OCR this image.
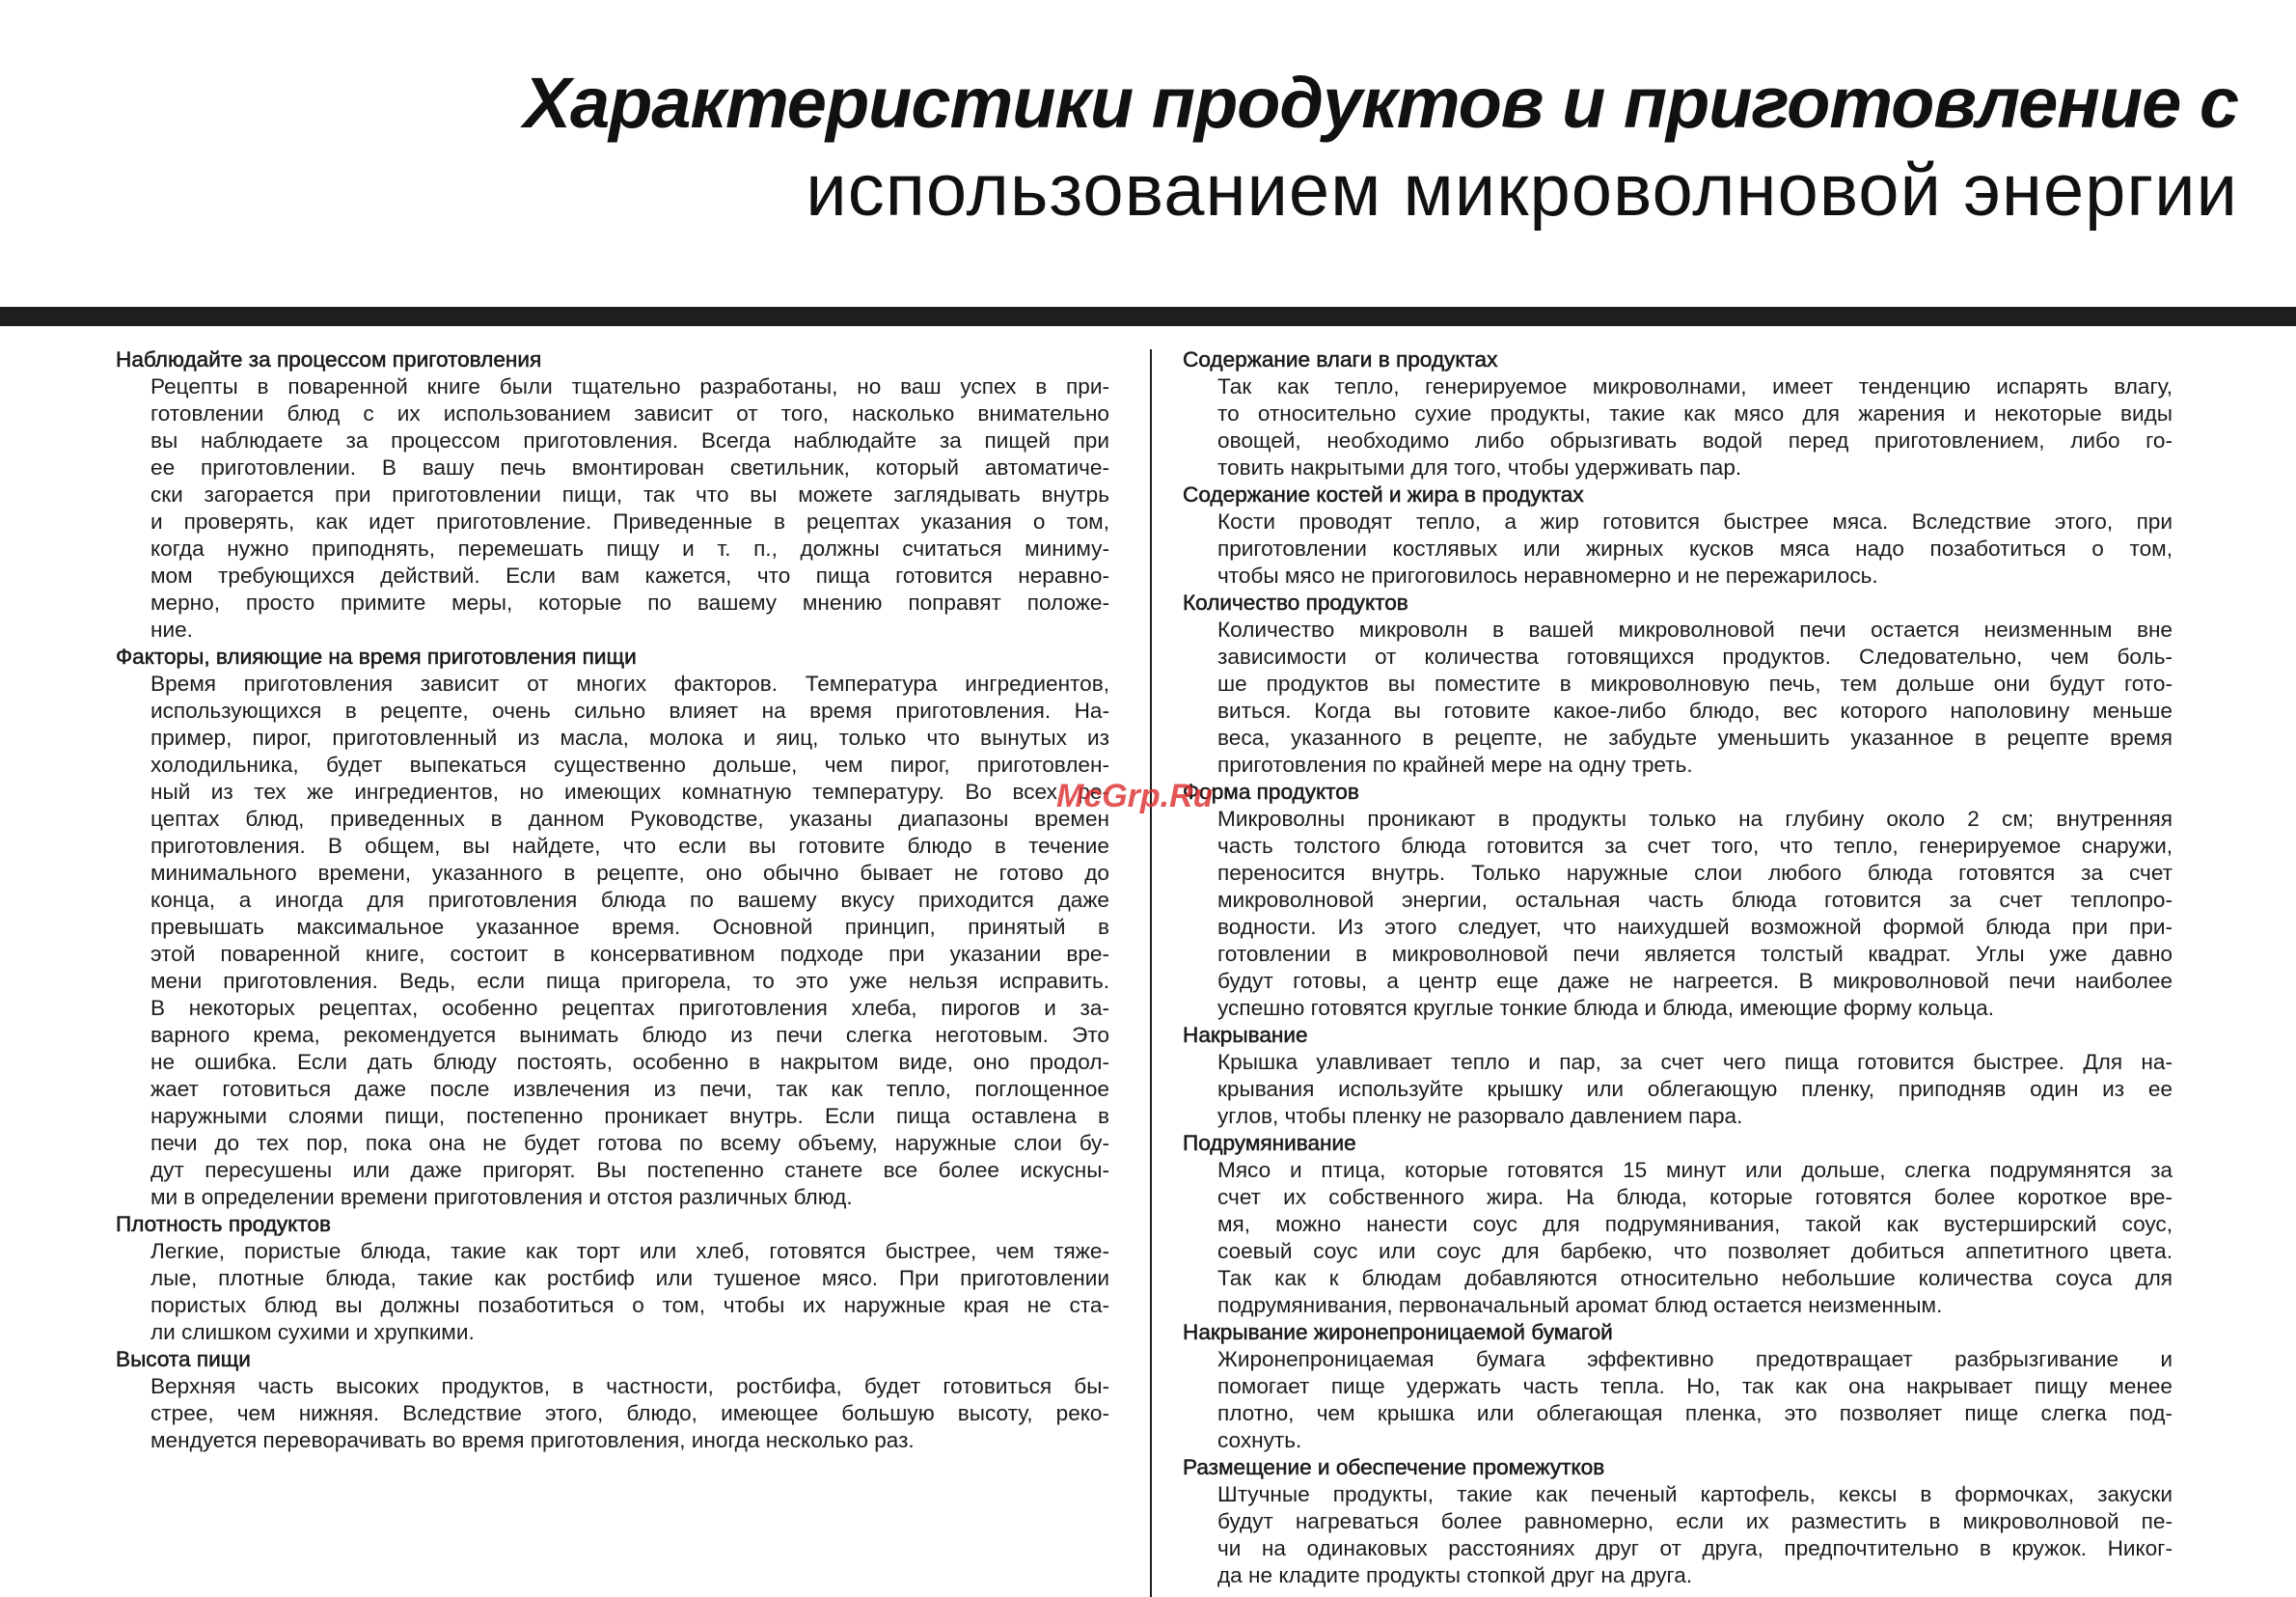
Характеристики продуктов и приготовление с
использованием микроволновой энергии
Наблюдайте за процессом приготовления
Рецепты в поваренной книге были тщательно разработаны, но ваш успех в при-
готовлении блюд с их использованием зависит от того, насколько внимательно
вы наблюдаете за процессом приготовления. Всегда наблюдайте за пищей при
ее приготовлении. В вашу печь вмонтирован светильник, который автоматиче-
ски загорается при приготовлении пищи, так что вы можете заглядывать внутрь
и проверять, как идет приготовление. Приведенные в рецептах указания о том,
когда нужно приподнять, перемешать пищу и т. п., должны считаться миниму-
мом требующихся действий. Если вам кажется, что пища готовится неравно-
мерно, просто примите меры, которые по вашему мнению поправят положе-
ние.
Факторы, влияющие на время приготовления пищи
Время приготовления зависит от многих факторов. Температура ингредиентов,
использующихся в рецепте, очень сильно влияет на время приготовления. На-
пример, пирог, приготовленный из масла, молока и яиц, только что вынутых из
холодильника, будет выпекаться существенно дольше, чем пирог, приготовлен-
ный из тех же ингредиентов, но имеющих комнатную температуру. Во всех ре-
цептах блюд, приведенных в данном Руководстве, указаны диапазоны времен
приготовления. В общем, вы найдете, что если вы готовите блюдо в течение
минимального времени, указанного в рецепте, оно обычно бывает не готово до
конца, а иногда для приготовления блюда по вашему вкусу приходится даже
превышать максимальное указанное время. Основной принцип, принятый в
этой поваренной книге, состоит в консервативном подходе при указании вре-
мени приготовления. Ведь, если пища пригорела, то это уже нельзя исправить.
В некоторых рецептах, особенно рецептах приготовления хлеба, пирогов и за-
варного крема, рекомендуется вынимать блюдо из печи слегка неготовым. Это
не ошибка. Если дать блюду постоять, особенно в накрытом виде, оно продол-
жает готовиться даже после извлечения из печи, так как тепло, поглощенное
наружными слоями пищи, постепенно проникает внутрь. Если пища оставлена в
печи до тех пор, пока она не будет готова по всему объему, наружные слои бу-
дут пересушены или даже пригорят. Вы постепенно станете все более искусны-
ми в определении времени приготовления и отстоя различных блюд.
Плотность продуктов
Легкие, пористые блюда, такие как торт или хлеб, готовятся быстрее, чем тяже-
лые, плотные блюда, такие как ростбиф или тушеное мясо. При приготовлении
пористых блюд вы должны позаботиться о том, чтобы их наружные края не ста-
ли слишком сухими и хрупкими.
Высота пищи
Верхняя часть высоких продуктов, в частности, ростбифа, будет готовиться бы-
стрее, чем нижняя. Вследствие этого, блюдо, имеющее большую высоту, реко-
мендуется переворачивать во время приготовления, иногда несколько раз.
Содержание влаги в продуктах
Так как тепло, генерируемое микроволнами, имеет тенденцию испарять влагу,
то относительно сухие продукты, такие как мясо для жарения и некоторые виды
овощей, необходимо либо обрызгивать водой перед приготовлением, либо го-
товить накрытыми для того, чтобы удерживать пар.
Содержание костей и жира в продуктах
Кости проводят тепло, а жир готовится быстрее мяса. Вследствие этого, при
приготовлении костлявых или жирных кусков мяса надо позаботиться о том,
чтобы мясо не пригоговилось неравномерно и не пережарилось.
Количество продуктов
Количество микроволн в вашей микроволновой печи остается неизменным вне
зависимости от количества готовящихся продуктов. Следовательно, чем боль-
ше продуктов вы поместите в микроволновую печь, тем дольше они будут гото-
виться. Когда вы готовите какое-либо блюдо, вес которого наполовину меньше
веса, указанного в рецепте, не забудьте уменьшить указанное в рецепте время
приготовления по крайней мере на одну треть.
Форма продуктов
Микроволны проникают в продукты только на глубину около 2 см; внутренняя
часть толстого блюда готовится за счет того, что тепло, генерируемое снаружи,
переносится внутрь. Только наружные слои любого блюда готовятся за счет
микроволновой энергии, остальная часть блюда готовится за счет теплопро-
водности. Из этого следует, что наихудшей возможной формой блюда при при-
готовлении в микроволновой печи является толстый квадрат. Углы уже давно
будут готовы, а центр еще даже не нагреется. В микроволновой печи наиболее
успешно готовятся круглые тонкие блюда и блюда, имеющие форму кольца.
Накрывание
Крышка улавливает тепло и пар, за счет чего пища готовится быстрее. Для на-
крывания используйте крышку или облегающую пленку, приподняв один из ее
углов, чтобы пленку не разорвало давлением пара.
Подрумянивание
Мясо и птица, которые готовятся 15 минут или дольше, слегка подрумянятся за
счет их собственного жира. На блюда, которые готовятся более короткое вре-
мя, можно нанести соус для подрумянивания, такой как вустерширский соус,
соевый соус или соус для барбекю, что позволяет добиться аппетитного цвета.
Так как к блюдам добавляются относительно небольшие количества соуса для
подрумянивания, первоначальный аромат блюд остается неизменным.
Накрывание жиронепроницаемой бумагой
Жиронепроницаемая бумага эффективно предотвращает разбрызгивание и
помогает пище удержать часть тепла. Но, так как она накрывает пищу менее
плотно, чем крышка или облегающая пленка, это позволяет пище слегка под-
сохнуть.
Размещение и обеспечение промежутков
Штучные продукты, такие как печеный картофель, кексы в формочках, закуски
будут нагреваться более равномерно, если их разместить в микроволновой пе-
чи на одинаковых расстояниях друг от друга, предпочтительно в кружок. Никог-
да не кладите продукты стопкой друг на друга.
McGrp.Ru
